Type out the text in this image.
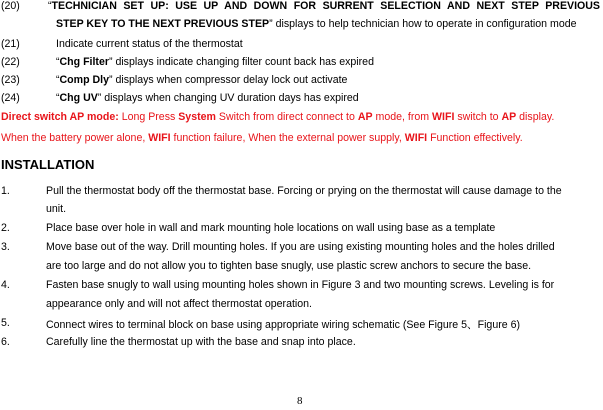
(20)	“TECHNICIAN SET UP: USE UP AND DOWN FOR SURRENT SELECTION AND NEXT STEP PREVIOUS
STEP KEY TO THE NEXT PREVIOUS STEP” displays to help technician how to operate in configuration mode
(21)	Indicate current status of the thermostat
(22)	“Chg Filter” displays indicate changing filter count back has expired
(23)	“Comp Dly” displays when compressor delay lock out activate
(24)	“Chg UV” displays when changing UV duration days has expired
Direct switch AP mode: Long Press System Switch from direct connect to AP mode, from WIFI switch to AP display.
When the battery power alone, WIFI function failure, When the external power supply, WIFI Function effectively.
INSTALLATION
1.	Pull the thermostat body off the thermostat base. Forcing or prying on the thermostat will cause damage to the
unit.
2.	Place base over hole in wall and mark mounting hole locations on wall using base as a template
3.	Move base out of the way. Drill mounting holes. If you are using existing mounting holes and the holes drilled
are too large and do not allow you to tighten base snugly, use plastic screw anchors to secure the base.
4.	Fasten base snugly to wall using mounting holes shown in Figure 3 and two mounting screws. Leveling is for
appearance only and will not affect thermostat operation.
5.	Connect wires to terminal block on base using appropriate wiring schematic (See Figure 5、Figure 6)
6.	Carefully line the thermostat up with the base and snap into place.
8
